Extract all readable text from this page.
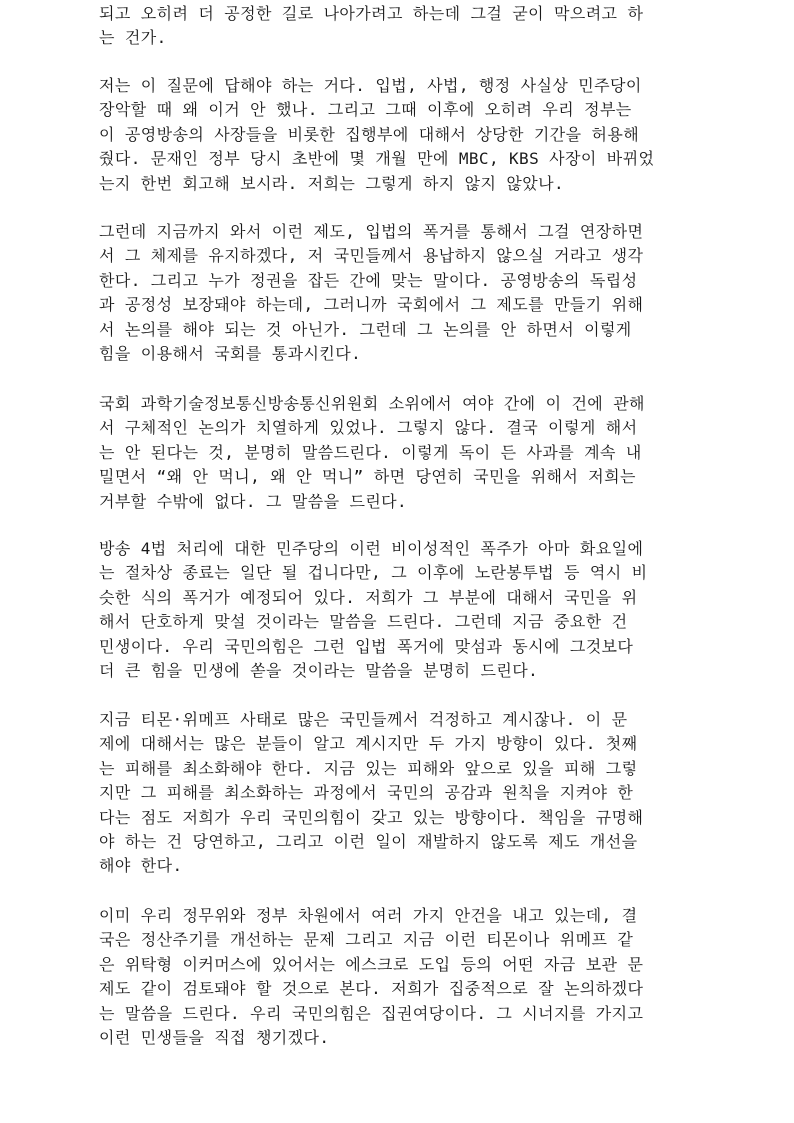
되고 오히려 더 공정한 길로 나아가려고 하는데 그걸 굳이 막으려고 하
는 건가.
저는 이 질문에 답해야 하는 거다. 입법, 사법, 행정 사실상 민주당이
장악할 때 왜 이거 안 했나. 그리고 그때 이후에 오히려 우리 정부는
이 공영방송의 사장들을 비롯한 집행부에 대해서 상당한 기간을 허용해
줬다. 문재인 정부 당시 초반에 몇 개월 만에 MBC, KBS 사장이 바뀌었
는지 한번 회고해 보시라. 저희는 그렇게 하지 않지 않았나.
그런데 지금까지 와서 이런 제도, 입법의 폭거를 통해서 그걸 연장하면
서 그 체제를 유지하겠다, 저 국민들께서 용납하지 않으실 거라고 생각
한다. 그리고 누가 정권을 잡든 간에 맞는 말이다. 공영방송의 독립성
과 공정성 보장돼야 하는데, 그러니까 국회에서 그 제도를 만들기 위해
서 논의를 해야 되는 것 아닌가. 그런데 그 논의를 안 하면서 이렇게
힘을 이용해서 국회를 통과시킨다.
국회 과학기술정보통신방송통신위원회 소위에서 여야 간에 이 건에 관해
서 구체적인 논의가 치열하게 있었나. 그렇지 않다. 결국 이렇게 해서
는 안 된다는 것, 분명히 말씀드린다. 이렇게 독이 든 사과를 계속 내
밀면서 “왜 안 먹니, 왜 안 먹니” 하면 당연히 국민을 위해서 저희는
거부할 수밖에 없다. 그 말씀을 드린다.
방송 4법 처리에 대한 민주당의 이런 비이성적인 폭주가 아마 화요일에
는 절차상 종료는 일단 될 겁니다만, 그 이후에 노란봉투법 등 역시 비
슷한 식의 폭거가 예정되어 있다. 저희가 그 부분에 대해서 국민을 위
해서 단호하게 맞설 것이라는 말씀을 드린다. 그런데 지금 중요한 건
민생이다. 우리 국민의힘은 그런 입법 폭거에 맞섬과 동시에 그것보다
더 큰 힘을 민생에 쏟을 것이라는 말씀을 분명히 드린다.
지금 티몬·위메프 사태로 많은 국민들께서 걱정하고 계시잖나. 이 문
제에 대해서는 많은 분들이 알고 계시지만 두 가지 방향이 있다. 첫째
는 피해를 최소화해야 한다. 지금 있는 피해와 앞으로 있을 피해 그렇
지만 그 피해를 최소화하는 과정에서 국민의 공감과 원칙을 지켜야 한
다는 점도 저희가 우리 국민의힘이 갖고 있는 방향이다. 책임을 규명해
야 하는 건 당연하고, 그리고 이런 일이 재발하지 않도록 제도 개선을
해야 한다.
이미 우리 정무위와 정부 차원에서 여러 가지 안건을 내고 있는데, 결
국은 정산주기를 개선하는 문제 그리고 지금 이런 티몬이나 위메프 같
은 위탁형 이커머스에 있어서는 에스크로 도입 등의 어떤 자금 보관 문
제도 같이 검토돼야 할 것으로 본다. 저희가 집중적으로 잘 논의하겠다
는 말씀을 드린다. 우리 국민의힘은 집권여당이다. 그 시너지를 가지고
이런 민생들을 직접 챙기겠다.
